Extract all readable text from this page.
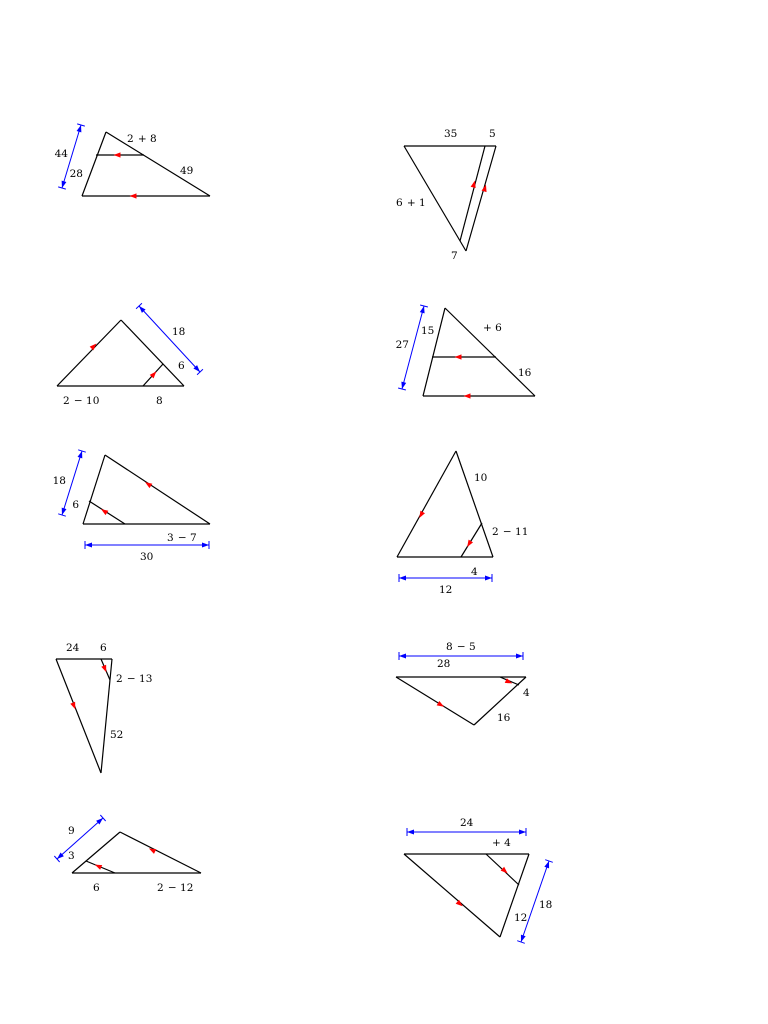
44
28
2  + 8
49
35	5
6  + 1
7
18
6
2  − 10	8
27
15	+ 6
16
18
6
3  − 7
30
10
2  − 11
4
12
24 6
2  − 13
52
8  − 5
28
4
16
9
3
6	2  − 12
24
+ 4
12
18
